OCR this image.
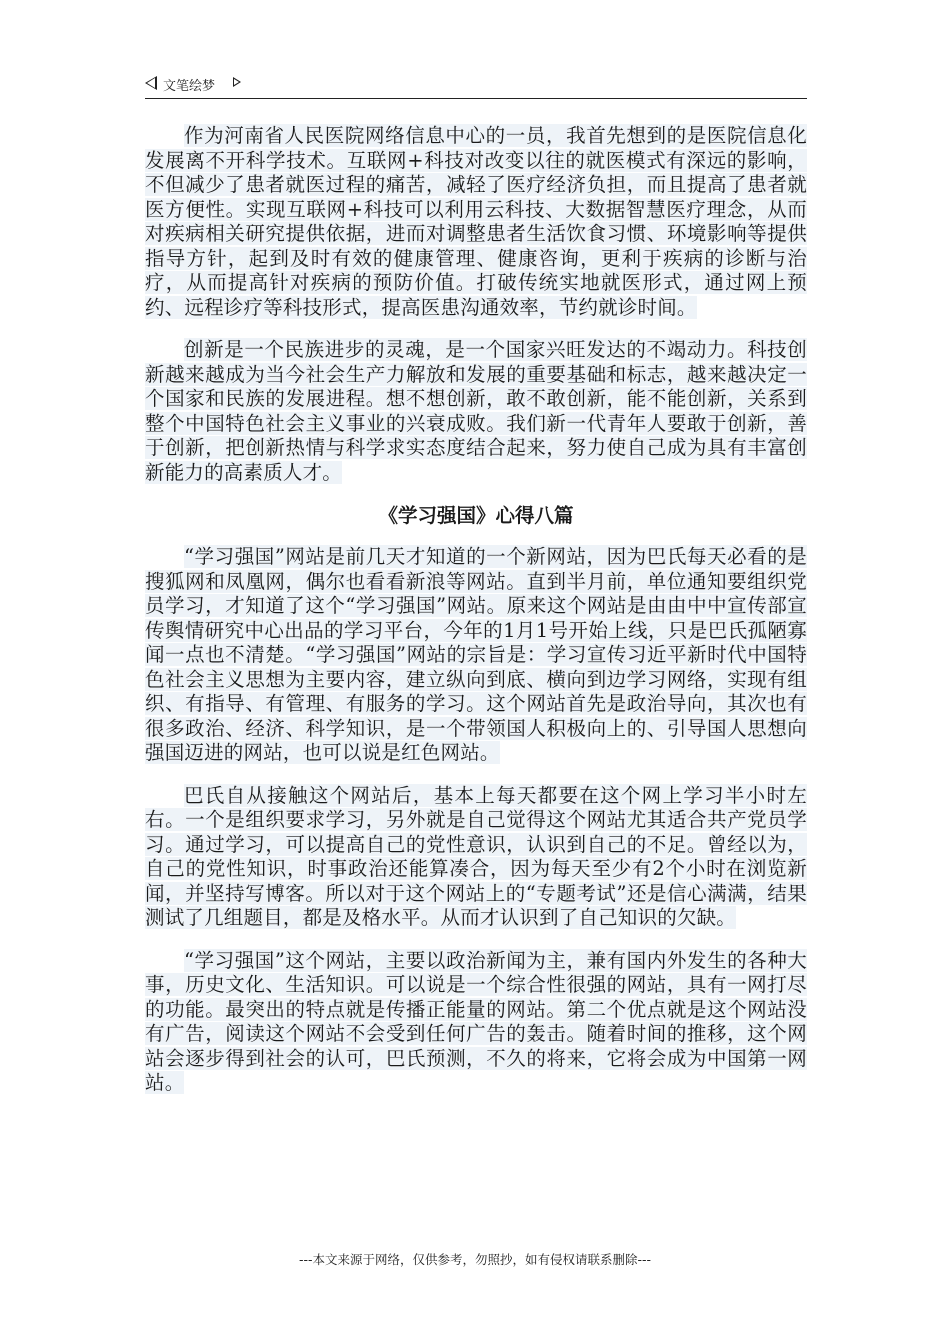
文笔绘梦

作为河南省人民医院网络信息中心的一员，我首先想到的是医院信息化发展离不开科学技术。互联网+科技对改变以往的就医模式有深远的影响，不但减少了患者就医过程的痛苦，减轻了医疗经济负担，而且提高了患者就医方便性。实现互联网+科技可以利用云科技、大数据智慧医疗理念，从而对疾病相关研究提供依据，进而对调整患者生活饮食习惯、环境影响等提供指导方针，起到及时有效的健康管理、健康咨询，更利于疾病的诊断与治疗，从而提高针对疾病的预防价值。打破传统实地就医形式，通过网上预约、远程诊疗等科技形式，提高医患沟通效率，节约就诊时间。

创新是一个民族进步的灵魂，是一个国家兴旺发达的不竭动力。科技创新越来越成为当今社会生产力解放和发展的重要基础和标志，越来越决定一个国家和民族的发展进程。想不想创新，敢不敢创新，能不能创新，关系到整个中国特色社会主义事业的兴衰成败。我们新一代青年人要敢于创新，善于创新，把创新热情与科学求实态度结合起来，努力使自己成为具有丰富创新能力的高素质人才。

《学习强国》心得八篇

“学习强国”网站是前几天才知道的一个新网站，因为巴氏每天必看的是搜狐网和凤凰网，偶尔也看看新浪等网站。直到半月前，单位通知要组织党员学习，才知道了这个“学习强国”网站。原来这个网站是由由中中宣传部宣传舆情研究中心出品的学习平台，今年的1月1号开始上线，只是巴氏孤陋寡闻一点也不清楚。“学习强国”网站的宗旨是：学习宣传习近平新时代中国特色社会主义思想为主要内容，建立纵向到底、横向到边学习网络，实现有组织、有指导、有管理、有服务的学习。这个网站首先是政治导向，其次也有很多政治、经济、科学知识，是一个带领国人积极向上的、引导国人思想向强国迈进的网站，也可以说是红色网站。

巴氏自从接触这个网站后，基本上每天都要在这个网上学习半小时左右。一个是组织要求学习，另外就是自己觉得这个网站尤其适合共产党员学习。通过学习，可以提高自己的党性意识，认识到自己的不足。曾经以为，自己的党性知识，时事政治还能算凑合，因为每天至少有2个小时在浏览新闻，并坚持写博客。所以对于这个网站上的“专题考试”还是信心满满，结果测试了几组题目，都是及格水平。从而才认识到了自己知识的欠缺。

“学习强国”这个网站，主要以政治新闻为主，兼有国内外发生的各种大事，历史文化、生活知识。可以说是一个综合性很强的网站，具有一网打尽的功能。最突出的特点就是传播正能量的网站。第二个优点就是这个网站没有广告，阅读这个网站不会受到任何广告的轰击。随着时间的推移，这个网站会逐步得到社会的认可，巴氏预测，不久的将来，它将会成为中国第一网站。

---本文来源于网络，仅供参考，勿照抄，如有侵权请联系删除---
